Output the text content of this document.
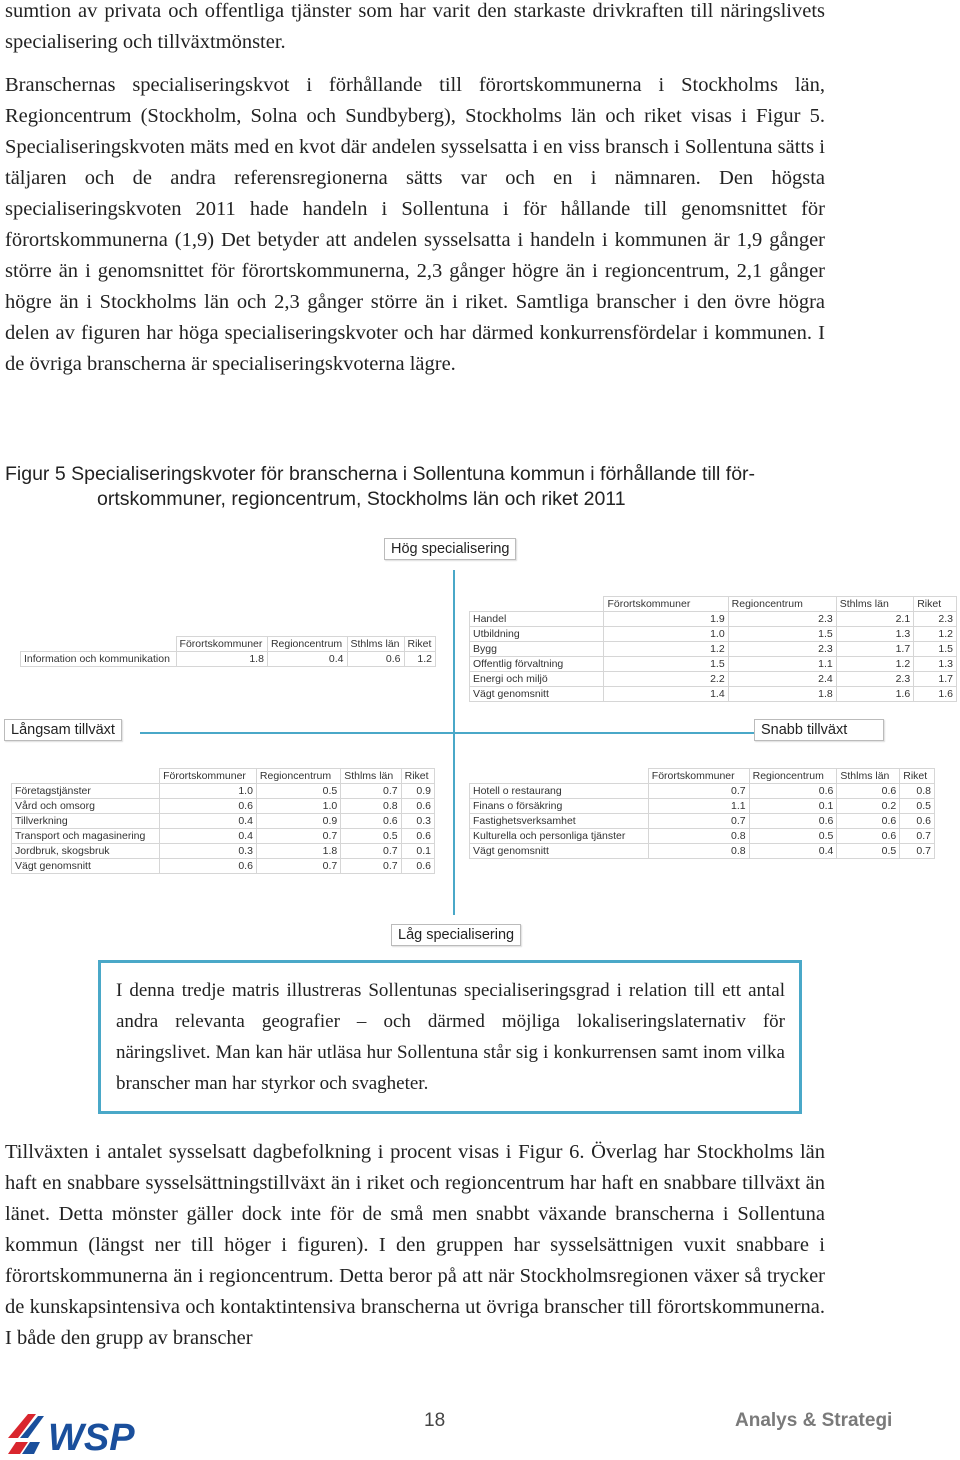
sumtion av privata och offentliga tjänster som har varit den starkaste drivkraften till näringslivets specialisering och tillväxtmönster.

Branschernas specialiseringskvot i förhållande till förortskommunerna i Stockholms län, Regioncentrum (Stockholm, Solna och Sundbyberg), Stockholms län och riket visas i Figur 5. Specialiseringskvoten mäts med en kvot där andelen sysselsatta i en viss bransch i Sollentuna sätts i täljaren och de andra referensregionerna sätts var och en i nämnaren. Den högsta specialiseringskvoten 2011 hade handeln i Sollentuna i för hållande till genomsnittet för förortskommunerna (1,9) Det betyder att andelen sysselsatta i handeln i kommunen är 1,9 gånger större än i genomsnittet för förortskommunerna, 2,3 gånger högre än i regioncentrum, 2,1 gånger högre än i Stockholms län och 2,3 gånger större än i riket. Samtliga branscher i den övre högra delen av figuren har höga specialiseringskvoter och har därmed konkurrensfördelar i kommunen. I de övriga branscherna är specialiseringskvoterna lägre.

Figur 5 Specialiseringskvoter för branscherna i Sollentuna kommun i förhållande till för-
ortskommuner, regioncentrum, Stockholms län och riket 2011

Hög specialisering
Låg specialisering
Långsam tillväxt	Snabb tillväxt
	Förortskommuner	Regioncentrum	Sthlms län	Riket
Information och kommunikation	1.8	0.4	0.6	1.2
	Förortskommuner	Regioncentrum	Sthlms län	Riket
Handel	1.9	2.3	2.1	2.3
Utbildning	1.0	1.5	1.3	1.2
Bygg	1.2	2.3	1.7	1.5
Offentlig förvaltning	1.5	1.1	1.2	1.3
Energi och miljö	2.2	2.4	2.3	1.7
Vägt genomsnitt	1.4	1.8	1.6	1.6
	Förortskommuner	Regioncentrum	Sthlms län	Riket
Företagstjänster	1.0	0.5	0.7	0.9
Vård och omsorg	0.6	1.0	0.8	0.6
Tillverkning	0.4	0.9	0.6	0.3
Transport och magasinering	0.4	0.7	0.5	0.6
Jordbruk, skogsbruk	0.3	1.8	0.7	0.1
Vägt genomsnitt	0.6	0.7	0.7	0.6
	Förortskommuner	Regioncentrum	Sthlms län	Riket
Hotell o restaurang	0.7	0.6	0.6	0.8
Finans o försäkring	1.1	0.1	0.2	0.5
Fastighetsverksamhet	0.7	0.6	0.6	0.6
Kulturella och personliga tjänster	0.8	0.5	0.6	0.7
Vägt genomsnitt	0.8	0.4	0.5	0.7

I denna tredje matris illustreras Sollentunas specialiseringsgrad i relation till ett antal andra relevanta geografier – och därmed möjliga lokaliseringslaternativ för näringslivet. Man kan här utläsa hur Sollentuna står sig i konkurrensen samt inom vilka branscher man har styrkor och svagheter.

Tillväxten i antalet sysselsatt dagbefolkning i procent visas i Figur 6. Överlag har Stockholms län haft en snabbare sysselsättningstillväxt än i riket och regioncentrum har haft en snabbare tillväxt än länet. Detta mönster gäller dock inte för de små men snabbt växande branscherna i Sollentuna kommun (längst ner till höger i figuren). I den gruppen har sysselsättnigen vuxit snabbare i förortskommunerna än i regioncentrum. Detta beror på att när Stockholmsregionen växer så trycker de kunskapsintensiva och kontaktintensiva branscherna ut övriga branscher till förortskommunerna. I både den grupp av branscher

WSP	18	Analys & Strategi
